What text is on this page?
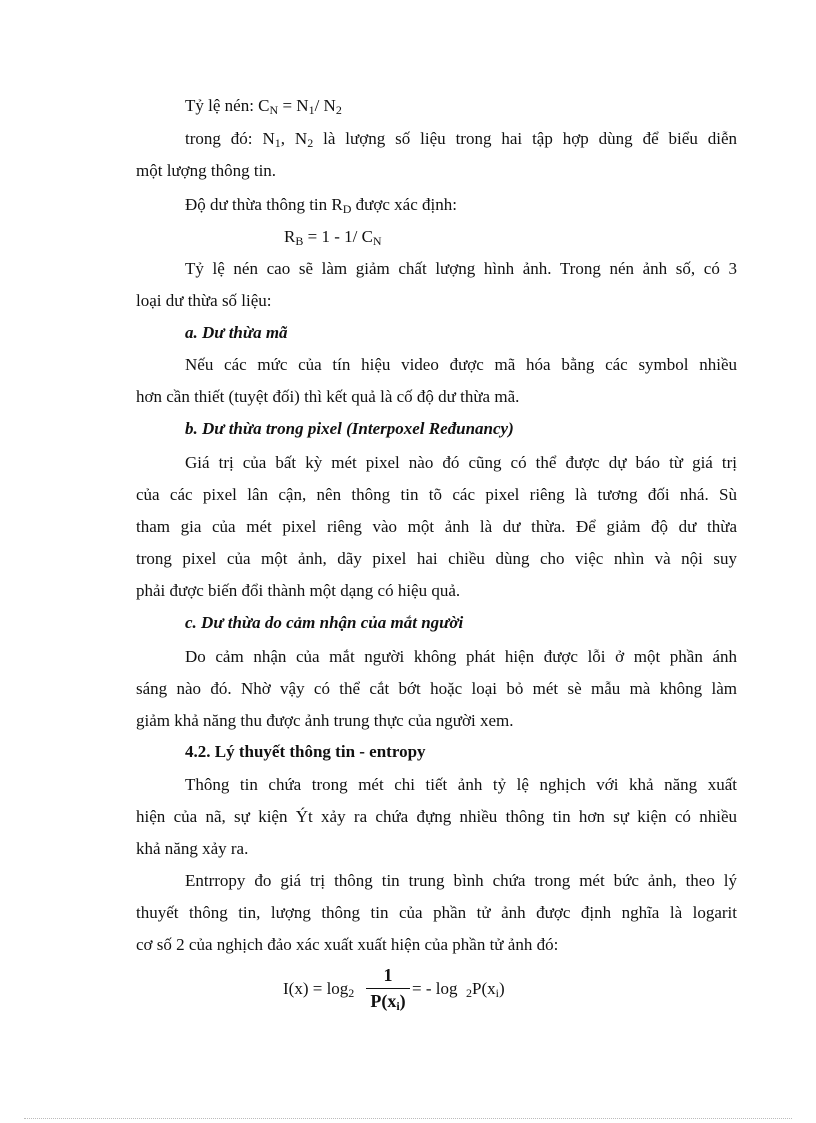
Tỷ lệ nén: $C_N = N_1/$ $N_2$
trong đó: $N_1$, $N_2$ là lượng số liệu trong hai tập hợp dùng để biểu diễn
một lượng thông tin.
Độ dư thừa thông tin $R_D$ được xác định:
$R_B = 1 - 1/$ $C_N$
Tỷ lệ nén cao sẽ làm giảm chất lượng hình ảnh. Trong nén ảnh số, có 3
loại dư thừa số liệu:
a. Dư thừa mã
Nếu các mức của tín hiệu video được mã hóa bằng các symbol nhiều
hơn cần thiết (tuyệt đối) thì kết quả là cố độ dư thừa mã.
b. Dư thừa trong pixel (Interpoxel Ređunancy)
Giá trị của bất kỳ mét pixel nào đó cũng có thể được dự báo từ giá trị
của các pixel lân cận, nên thông tin tõ các pixel riêng là tương đối nhá. Sù
tham gia của mét pixel riêng vào một ảnh là dư thừa. Để giảm độ dư thừa
trong pixel của một ảnh, dãy pixel hai chiều dùng cho việc nhìn và nội suy
phải được biến đổi thành một dạng có hiệu quả.
c. Dư thừa do cảm nhận của mắt người
Do cảm nhận của mắt người không phát hiện được lỗi ở một phần ánh
sáng nào đó. Nhờ vậy có thể cắt bớt hoặc loại bỏ mét sè mẫu mà không làm
giảm khả năng thu được ảnh trung thực của người xem.
4.2. Lý thuyết thông tin - entropy
Thông tin chứa trong mét chi tiết ảnh tỷ lệ nghịch với khả năng xuất
hiện của nã, sự kiện Ýt xảy ra chứa đựng nhiều thông tin hơn sự kiện có nhiều
khả năng xảy ra.
Entrropy đo giá trị thông tin trung bình chứa trong mét bức ảnh, theo lý
thuyết thông tin, lượng thông tin của phần tử ảnh được định nghĩa là logarit
cơ số 2 của nghịch đảo xác xuất xuất hiện của phần tử ảnh đó:
$I(x) = \log_2$
1
$P(x_i)$
= - $\log _2P(x_i)$
